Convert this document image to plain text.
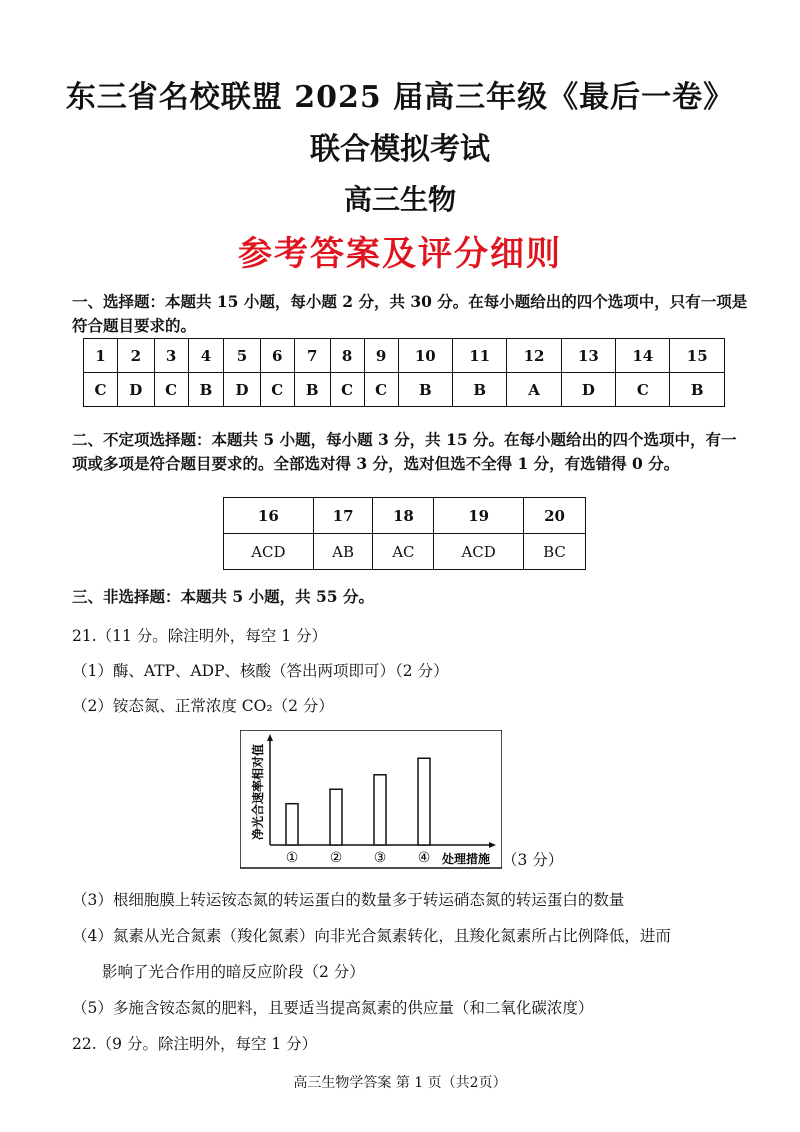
东三省名校联盟 2025 届高三年级《最后一卷》
联合模拟考试
高三生物
参考答案及评分细则
一、选择题：本题共 15 小题，每小题 2 分，共 30 分。在每小题给出的四个选项中，只有一项是符合题目要求的。
1	2	3	4	5	6	7	8	9	10	11	12	13	14	15
C	D	C	B	D	C	B	C	C	B	B	A	D	C	B
二、不定项选择题：本题共 5 小题，每小题 3 分，共 15 分。在每小题给出的四个选项中，有一项或多项是符合题目要求的。全部选对得 3 分，选对但选不全得 1 分，有选错得 0 分。
16	17	18	19	20
ACD	AB	AC	ACD	BC
三、非选择题：本题共 5 小题，共 55 分。
21.（11 分。除注明外，每空 1 分）
（1）酶、ATP、ADP、核酸（答出两项即可）（2 分）
（2）铵态氮、正常浓度 CO₂（2 分）
净光合速率相对值
处理措施
① ② ③ ④	（3 分）
（3）根细胞膜上转运铵态氮的转运蛋白的数量多于转运硝态氮的转运蛋白的数量
（4）氮素从光合氮素（羧化氮素）向非光合氮素转化，且羧化氮素所占比例降低，进而
影响了光合作用的暗反应阶段（2 分）
（5）多施含铵态氮的肥料，且要适当提高氮素的供应量（和二氧化碳浓度）
22.（9 分。除注明外，每空 1 分）
高三生物学答案 第 1 页（共2页）
